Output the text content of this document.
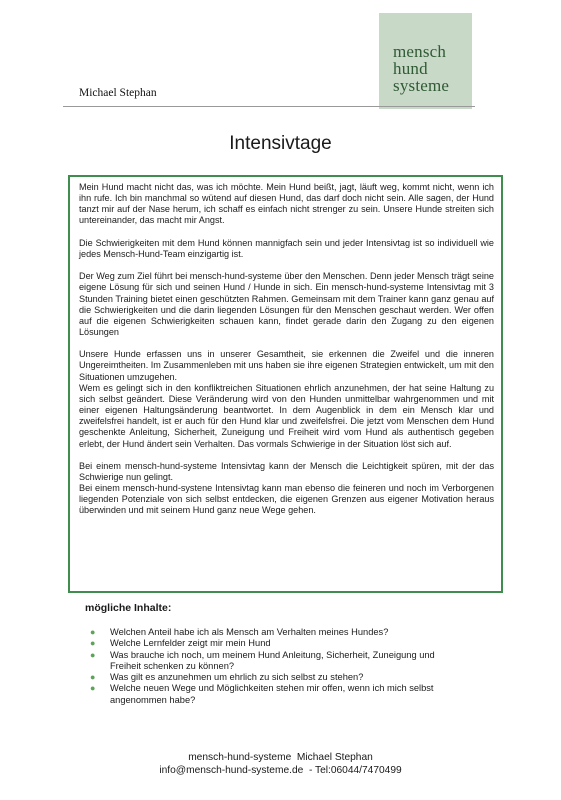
mensch
hund
systeme
Michael Stephan
Intensivtage

Mein Hund macht nicht das, was ich möchte. Mein Hund beißt, jagt, läuft weg, kommt nicht, wenn ich ihn rufe. Ich bin manchmal so wütend auf diesen Hund, das darf doch nicht sein. Alle sagen, der Hund tanzt mir auf der Nase herum, ich schaff es einfach nicht strenger zu sein. Unsere Hunde streiten sich untereinander, das macht mir Angst.

Die Schwierigkeiten mit dem Hund können mannigfach sein und jeder Intensivtag ist so individuell wie jedes Mensch-Hund-Team einzigartig ist.

Der Weg zum Ziel führt bei mensch-hund-systeme über den Menschen. Denn jeder Mensch trägt seine eigene Lösung für sich und seinen Hund / Hunde in sich. Ein mensch-hund-systeme Intensivtag mit 3 Stunden Training bietet einen geschützten Rahmen. Gemeinsam mit dem Trainer kann ganz genau auf die Schwierigkeiten und die darin liegenden Lösungen für den Menschen geschaut werden. Wer offen auf die eigenen Schwierigkeiten schauen kann, findet gerade darin den Zugang zu den eigenen Lösungen

Unsere Hunde erfassen uns in unserer Gesamtheit, sie erkennen die Zweifel und die inneren Ungereimtheiten. Im Zusammenleben mit uns haben sie ihre eigenen Strategien entwickelt, um mit den Situationen umzugehen.

Wem es gelingt sich in den konfliktreichen Situationen ehrlich anzunehmen, der hat seine Haltung zu sich selbst geändert. Diese Veränderung wird von den Hunden unmittelbar wahrgenommen und mit einer eigenen Haltungsänderung beantwortet. In dem Augenblick in dem ein Mensch klar und zweifelsfrei handelt, ist er auch für den Hund klar und zweifelsfrei. Die jetzt vom Menschen dem Hund geschenkte Anleitung, Sicherheit, Zuneigung und Freiheit wird vom Hund als authentisch gegeben erlebt, der Hund ändert sein Verhalten. Das vormals Schwierige in der Situation löst sich auf.

Bei einem mensch-hund-systeme Intensivtag kann der Mensch die Leichtigkeit spüren, mit der das Schwierige nun gelingt.

Bei einem mensch-hund-systene Intensivtag kann man ebenso die feineren und noch im Verborgenen liegenden Potenziale von sich selbst entdecken, die eigenen Grenzen aus eigener Motivation heraus überwinden und mit seinem Hund ganz neue Wege gehen.

mögliche Inhalte:
● Welchen Anteil habe ich als Mensch am Verhalten meines Hundes?
● Welche Lernfelder zeigt mir mein Hund
● Was brauche ich noch, um meinem Hund Anleitung, Sicherheit, Zuneigung und Freiheit schenken zu können?
● Was gilt es anzunehmen um ehrlich zu sich selbst zu stehen?
● Welche neuen Wege und Möglichkeiten stehen mir offen, wenn ich mich selbst angenommen habe?
mensch-hund-systeme  Michael Stephan
info@mensch-hund-systeme.de  - Tel:06044/7470499
